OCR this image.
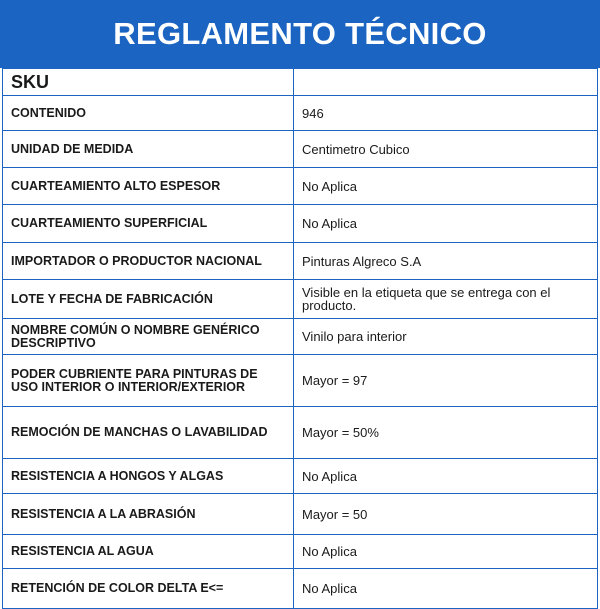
REGLAMENTO TÉCNICO
SKU	
CONTENIDO	946
UNIDAD DE MEDIDA	Centimetro Cubico
CUARTEAMIENTO ALTO ESPESOR	No Aplica
CUARTEAMIENTO SUPERFICIAL	No Aplica
IMPORTADOR O PRODUCTOR NACIONAL	Pinturas Algreco S.A
LOTE Y FECHA DE FABRICACIÓN	Visible en la etiqueta que se entrega con el producto.
NOMBRE COMÚN O NOMBRE GENÉRICO DESCRIPTIVO	Vinilo para interior
PODER CUBRIENTE PARA PINTURAS DE USO INTERIOR O INTERIOR/EXTERIOR	Mayor = 97
REMOCIÓN DE MANCHAS O LAVABILIDAD	Mayor = 50%
RESISTENCIA A HONGOS Y ALGAS	No Aplica
RESISTENCIA A LA ABRASIÓN	Mayor = 50
RESISTENCIA AL AGUA	No Aplica
RETENCIÓN DE COLOR DELTA E<=	No Aplica
